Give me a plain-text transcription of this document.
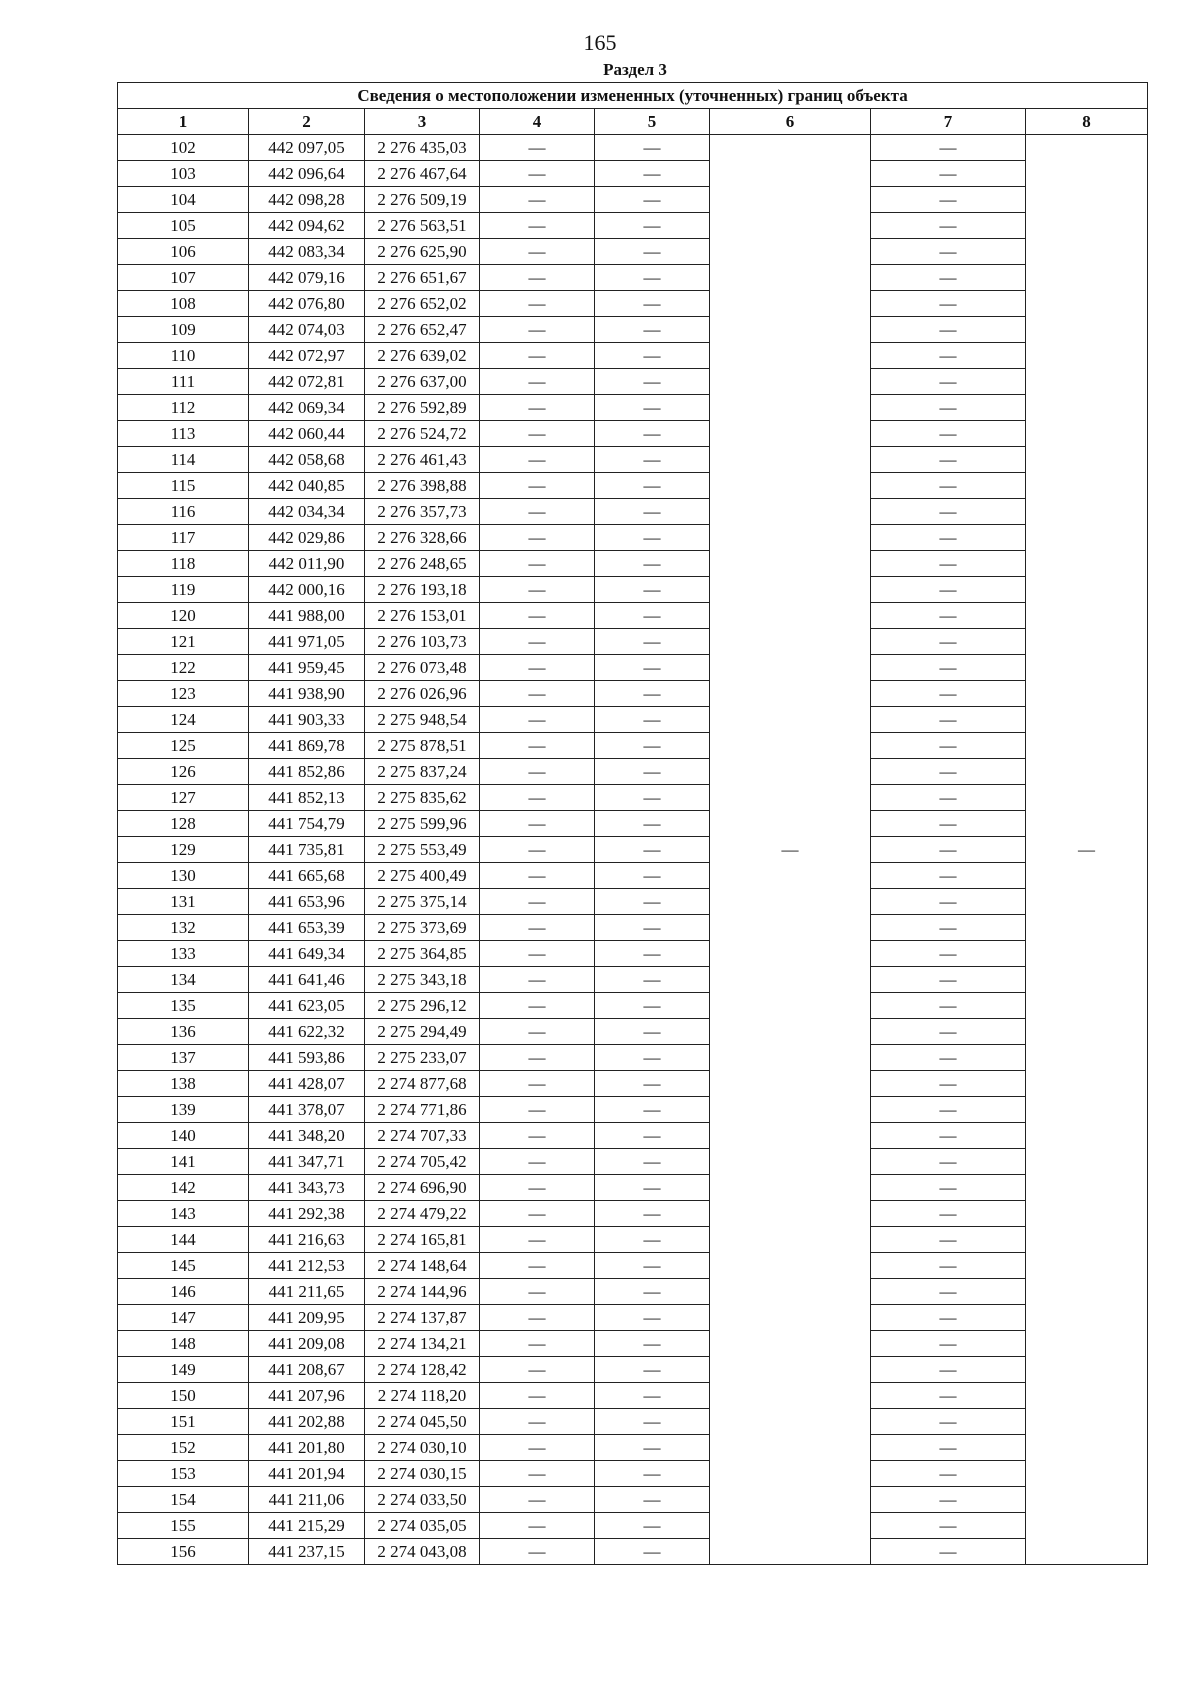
165
Раздел 3
Сведения о местоположении измененных (уточненных) границ объекта							
1	2	3	4	5	6	7	8
102	442 097,05	2 276 435,03	—	—	—	—	—
103	442 096,64	2 276 467,64	—	—		—	
104	442 098,28	2 276 509,19	—	—		—	
105	442 094,62	2 276 563,51	—	—		—	
106	442 083,34	2 276 625,90	—	—		—	
107	442 079,16	2 276 651,67	—	—		—	
108	442 076,80	2 276 652,02	—	—		—	
109	442 074,03	2 276 652,47	—	—		—	
110	442 072,97	2 276 639,02	—	—		—	
111	442 072,81	2 276 637,00	—	—		—	
112	442 069,34	2 276 592,89	—	—		—	
113	442 060,44	2 276 524,72	—	—		—	
114	442 058,68	2 276 461,43	—	—		—	
115	442 040,85	2 276 398,88	—	—		—	
116	442 034,34	2 276 357,73	—	—		—	
117	442 029,86	2 276 328,66	—	—		—	
118	442 011,90	2 276 248,65	—	—		—	
119	442 000,16	2 276 193,18	—	—		—	
120	441 988,00	2 276 153,01	—	—		—	
121	441 971,05	2 276 103,73	—	—		—	
122	441 959,45	2 276 073,48	—	—		—	
123	441 938,90	2 276 026,96	—	—		—	
124	441 903,33	2 275 948,54	—	—		—	
125	441 869,78	2 275 878,51	—	—		—	
126	441 852,86	2 275 837,24	—	—		—	
127	441 852,13	2 275 835,62	—	—		—	
128	441 754,79	2 275 599,96	—	—		—	
129	441 735,81	2 275 553,49	—	—		—	
130	441 665,68	2 275 400,49	—	—		—	
131	441 653,96	2 275 375,14	—	—		—	
132	441 653,39	2 275 373,69	—	—		—	
133	441 649,34	2 275 364,85	—	—		—	
134	441 641,46	2 275 343,18	—	—		—	
135	441 623,05	2 275 296,12	—	—		—	
136	441 622,32	2 275 294,49	—	—		—	
137	441 593,86	2 275 233,07	—	—		—	
138	441 428,07	2 274 877,68	—	—		—	
139	441 378,07	2 274 771,86	—	—		—	
140	441 348,20	2 274 707,33	—	—		—	
141	441 347,71	2 274 705,42	—	—		—	
142	441 343,73	2 274 696,90	—	—		—	
143	441 292,38	2 274 479,22	—	—		—	
144	441 216,63	2 274 165,81	—	—		—	
145	441 212,53	2 274 148,64	—	—		—	
146	441 211,65	2 274 144,96	—	—		—	
147	441 209,95	2 274 137,87	—	—		—	
148	441 209,08	2 274 134,21	—	—		—	
149	441 208,67	2 274 128,42	—	—		—	
150	441 207,96	2 274 118,20	—	—		—	
151	441 202,88	2 274 045,50	—	—		—	
152	441 201,80	2 274 030,10	—	—		—	
153	441 201,94	2 274 030,15	—	—		—	
154	441 211,06	2 274 033,50	—	—		—	
155	441 215,29	2 274 035,05	—	—		—	
156	441 237,15	2 274 043,08	—	—		—	
